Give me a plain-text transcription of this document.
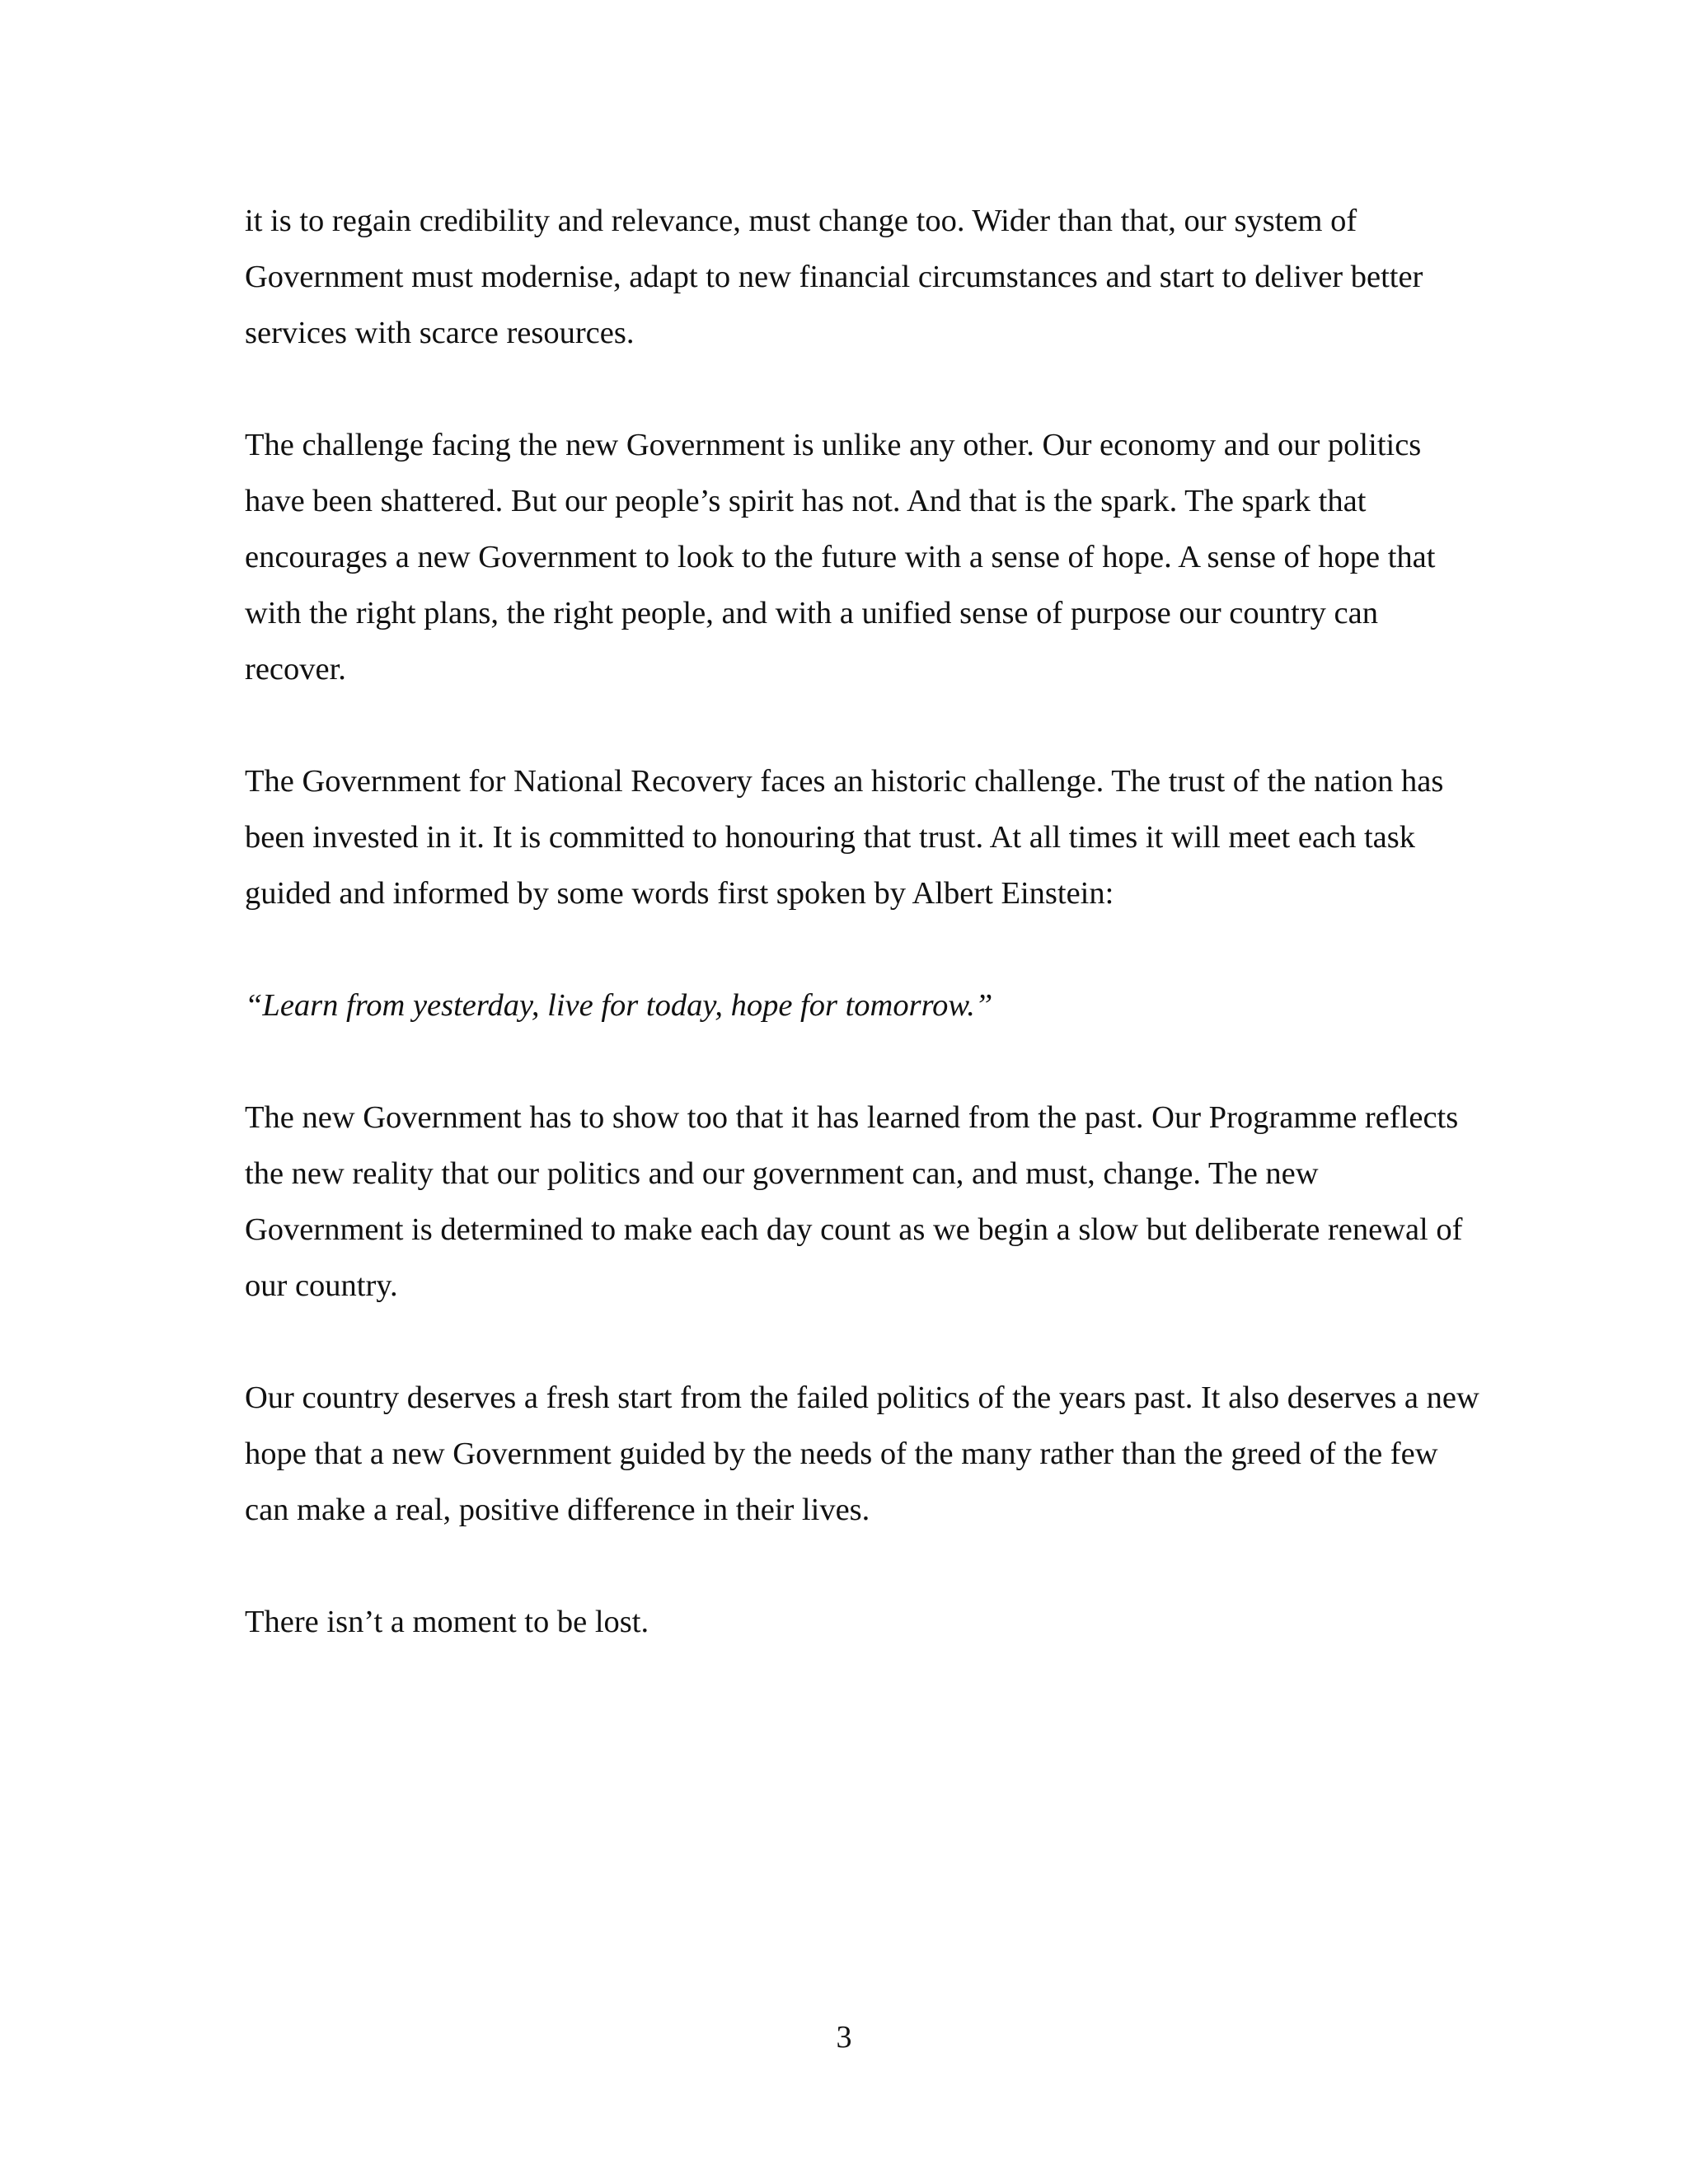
it is to regain credibility and relevance, must change too. Wider than that, our system of Government must modernise, adapt to new financial circumstances and start to deliver better services with scarce resources.

The challenge facing the new Government is unlike any other. Our economy and our politics have been shattered. But our people’s spirit has not. And that is the spark. The spark that encourages a new Government to look to the future with a sense of hope. A sense of hope that with the right plans, the right people, and with a unified sense of purpose our country can recover.

The Government for National Recovery faces an historic challenge. The trust of the nation has been invested in it. It is committed to honouring that trust. At all times it will meet each task guided and informed by some words first spoken by Albert Einstein:

“Learn from yesterday, live for today, hope for tomorrow.”

The new Government has to show too that it has learned from the past. Our Programme reflects the new reality that our politics and our government can, and must, change. The new Government is determined to make each day count as we begin a slow but deliberate renewal of our country.

Our country deserves a fresh start from the failed politics of the years past. It also deserves a new hope that a new Government guided by the needs of the many rather than the greed of the few can make a real, positive difference in their lives.

There isn’t a moment to be lost.

3
